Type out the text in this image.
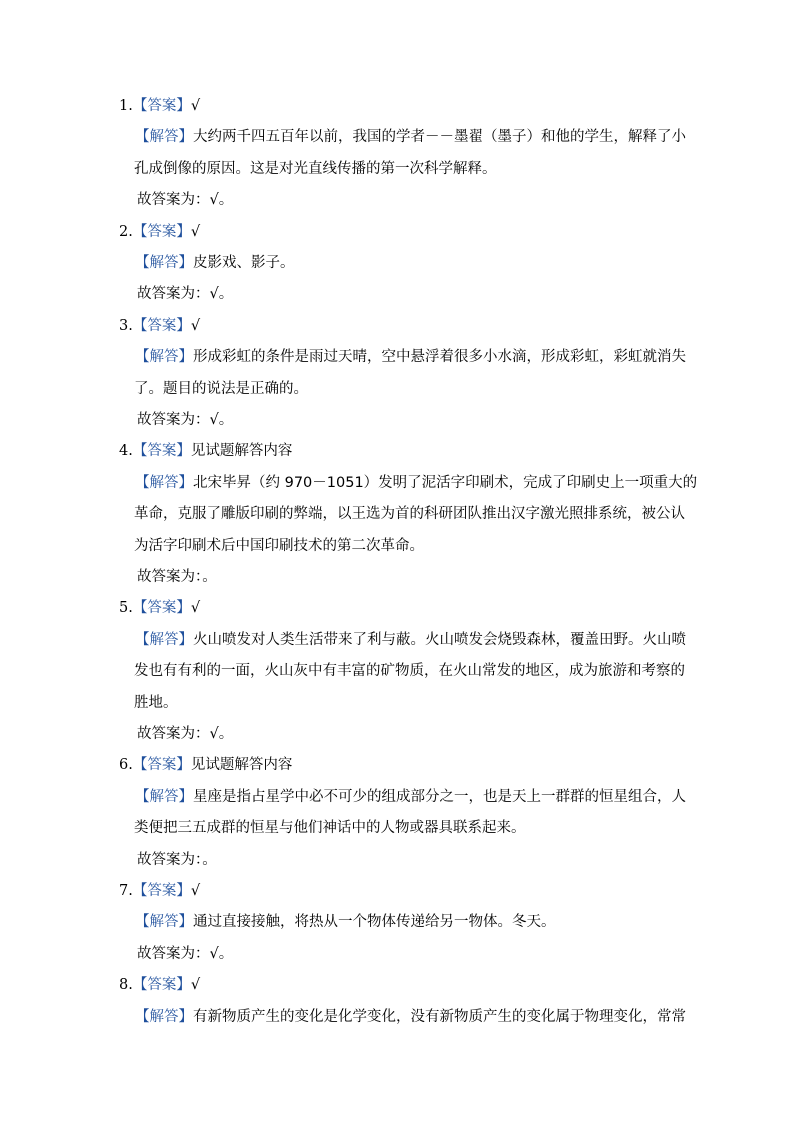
1.【答案】√
【解答】大约两千四五百年以前，我国的学者－－墨翟（墨子）和他的学生，解释了小
孔成倒像的原因。这是对光直线传播的第一次科学解释。
故答案为：√。
2.【答案】√
【解答】皮影戏、影子。
故答案为：√。
3.【答案】√
【解答】形成彩虹的条件是雨过天晴，空中悬浮着很多小水滴，形成彩虹，彩虹就消失
了。题目的说法是正确的。
故答案为：√。
4.【答案】见试题解答内容
【解答】北宋毕昇（约 970－1051）发明了泥活字印刷术，完成了印刷史上一项重大的
革命，克服了雕版印刷的弊端，以王选为首的科研团队推出汉字激光照排系统，被公认
为活字印刷术后中国印刷技术的第二次革命。
故答案为：。
5.【答案】√
【解答】火山喷发对人类生活带来了利与蔽。火山喷发会烧毁森林，覆盖田野。火山喷
发也有有利的一面，火山灰中有丰富的矿物质，在火山常发的地区，成为旅游和考察的
胜地。
故答案为：√。
6.【答案】见试题解答内容
【解答】星座是指占星学中必不可少的组成部分之一，也是天上一群群的恒星组合，人
类便把三五成群的恒星与他们神话中的人物或器具联系起来。
故答案为：。
7.【答案】√
【解答】通过直接接触，将热从一个物体传递给另一物体。冬天。
故答案为：√。
8.【答案】√
【解答】有新物质产生的变化是化学变化，没有新物质产生的变化属于物理变化，常常
